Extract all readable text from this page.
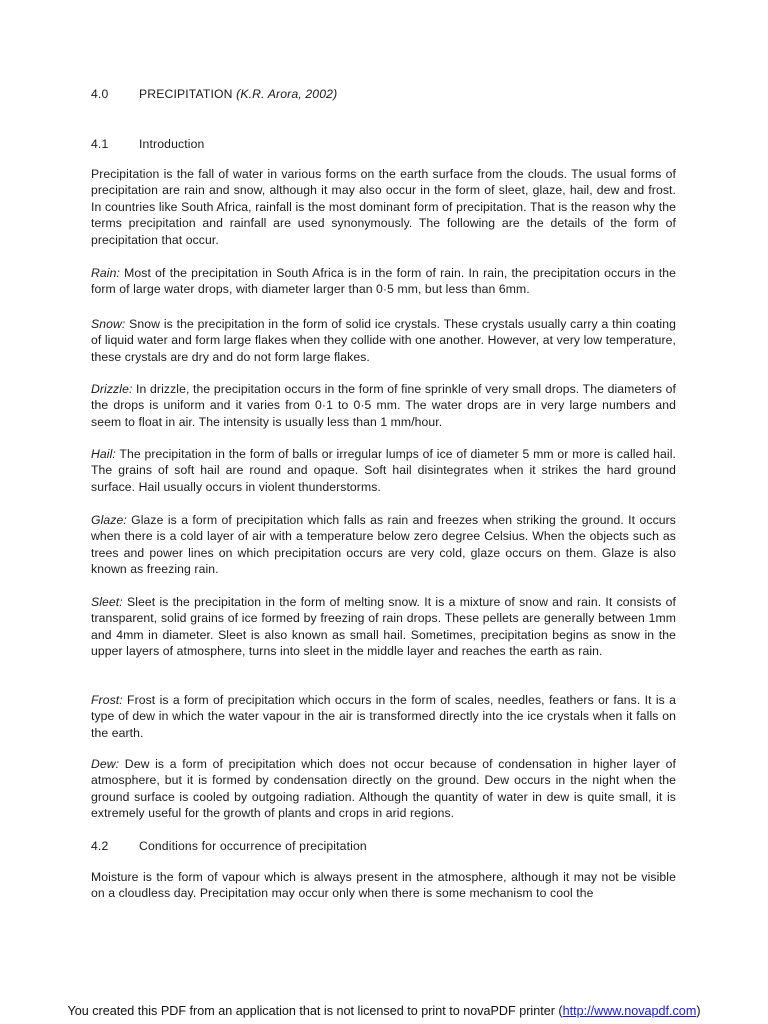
4.0	PRECIPITATION (K.R. Arora, 2002)
4.1	Introduction

Precipitation is the fall of water in various forms on the earth surface from the clouds. The usual forms of precipitation are rain and snow, although it may also occur in the form of sleet, glaze, hail, dew and frost. In countries like South Africa, rainfall is the most dominant form of precipitation. That is the reason why the terms precipitation and rainfall are used synonymously. The following are the details of the form of precipitation that occur.

Rain: Most of the precipitation in South Africa is in the form of rain. In rain, the precipitation occurs in the form of large water drops, with diameter larger than 0·5 mm, but less than 6mm.

Snow: Snow is the precipitation in the form of solid ice crystals. These crystals usually carry a thin coating of liquid water and form large flakes when they collide with one another. However, at very low temperature, these crystals are dry and do not form large flakes.

Drizzle: In drizzle, the precipitation occurs in the form of fine sprinkle of very small drops. The diameters of the drops is uniform and it varies from 0·1 to 0·5 mm. The water drops are in very large numbers and seem to float in air. The intensity is usually less than 1 mm/hour.

Hail: The precipitation in the form of balls or irregular lumps of ice of diameter 5 mm or more is called hail. The grains of soft hail are round and opaque. Soft hail disintegrates when it strikes the hard ground surface. Hail usually occurs in violent thunderstorms.

Glaze: Glaze is a form of precipitation which falls as rain and freezes when striking the ground. It occurs when there is a cold layer of air with a temperature below zero degree Celsius. When the objects such as trees and power lines on which precipitation occurs are very cold, glaze occurs on them. Glaze is also known as freezing rain.

Sleet: Sleet is the precipitation in the form of melting snow. It is a mixture of snow and rain. It consists of transparent, solid grains of ice formed by freezing of rain drops. These pellets are generally between 1mm and 4mm in diameter. Sleet is also known as small hail. Sometimes, precipitation begins as snow in the upper layers of atmosphere, turns into sleet in the middle layer and reaches the earth as rain.

Frost: Frost is a form of precipitation which occurs in the form of scales, needles, feathers or fans. It is a type of dew in which the water vapour in the air is transformed directly into the ice crystals when it falls on the earth.

Dew: Dew is a form of precipitation which does not occur because of condensation in higher layer of atmosphere, but it is formed by condensation directly on the ground. Dew occurs in the night when the ground surface is cooled by outgoing radiation. Although the quantity of water in dew is quite small, it is extremely useful for the growth of plants and crops in arid regions.

4.2	Conditions for occurrence of precipitation

Moisture is the form of vapour which is always present in the atmosphere, although it may not be visible on a cloudless day. Precipitation may occur only when there is some mechanism to cool the

You created this PDF from an application that is not licensed to print to novaPDF printer (http://www.novapdf.com)
